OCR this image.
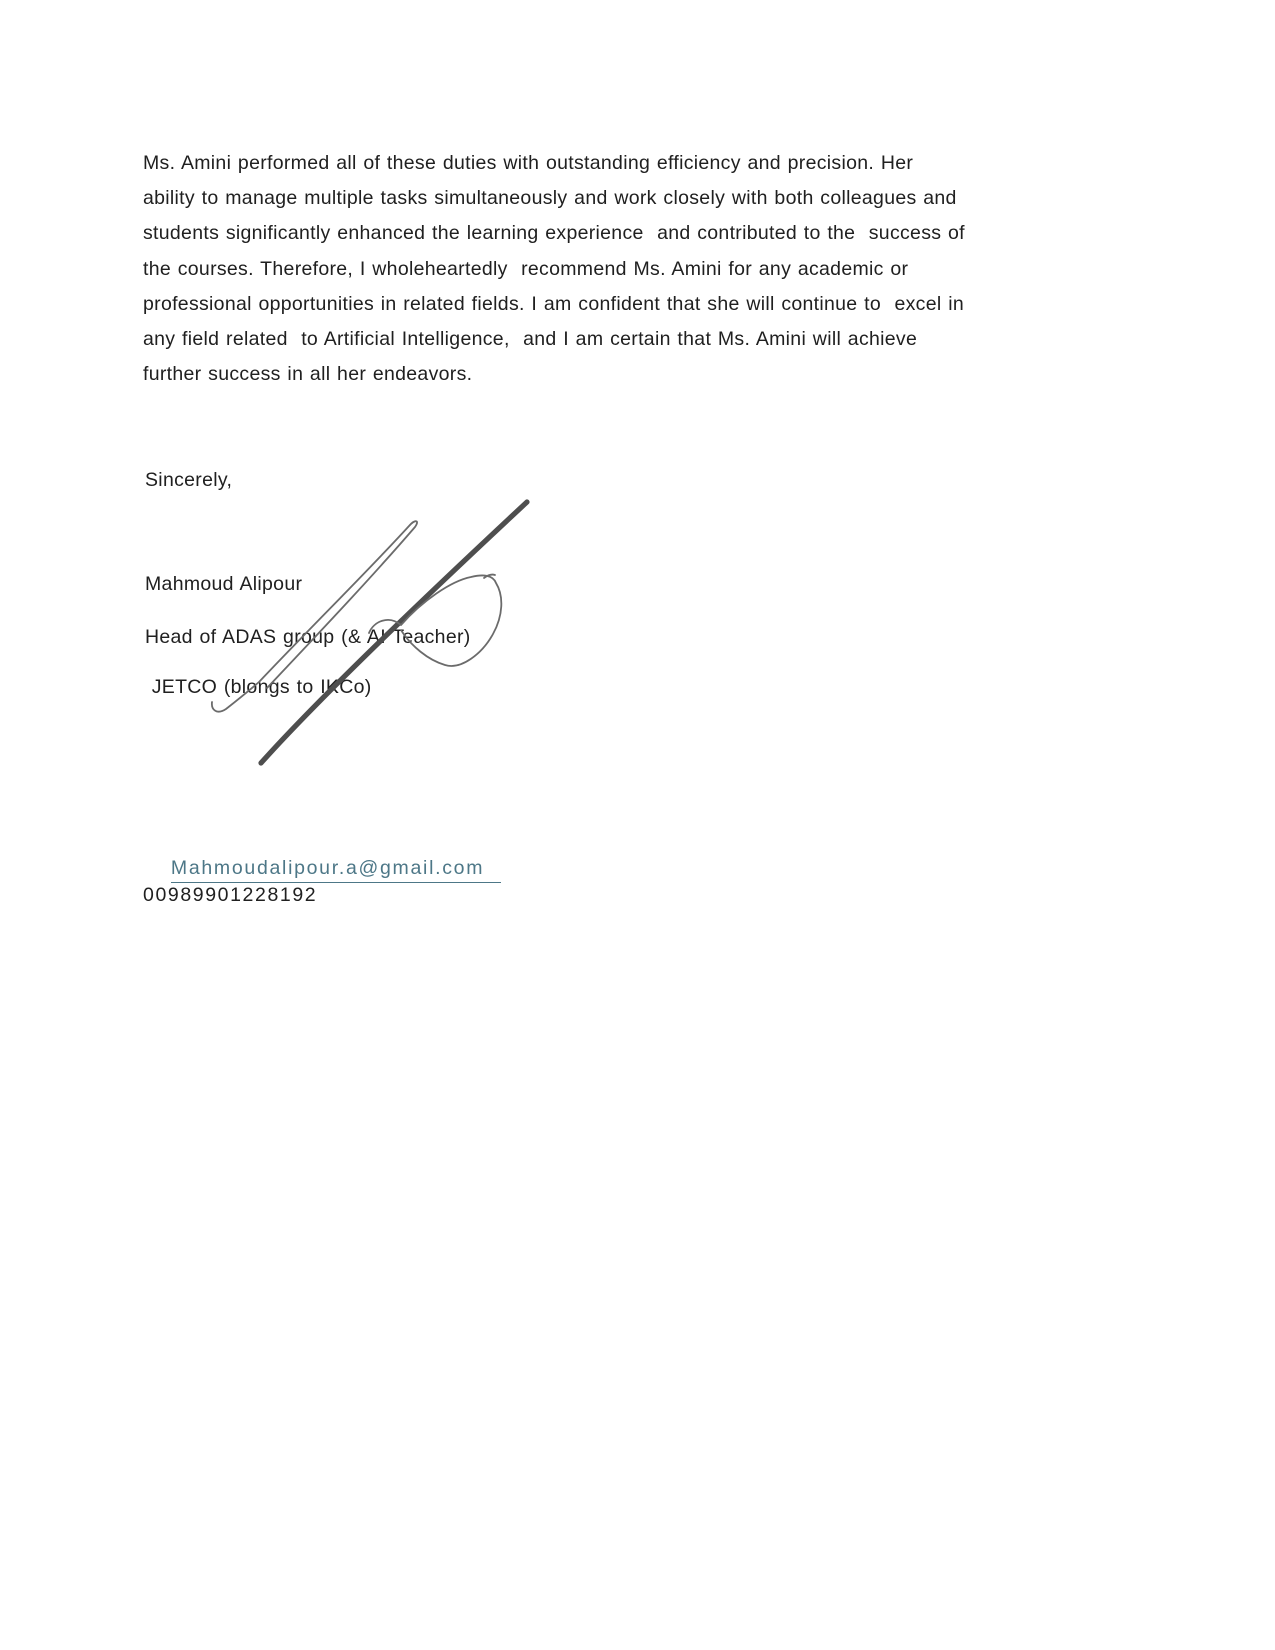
Ms. Amini performed all of these duties with outstanding efficiency and precision. Her
ability to manage multiple tasks simultaneously and work closely with both colleagues and
students significantly enhanced the learning experience  and contributed to the  success of
the courses. Therefore, I wholeheartedly  recommend Ms. Amini for any academic or
professional opportunities in related fields. I am confident that she will continue to  excel in
any field related  to Artificial Intelligence,  and I am certain that Ms. Amini will achieve
further success in all her endeavors.
Sincerely,
Mahmoud Alipour
Head of ADAS group (& AI Teacher)
JETCO (blongs to IKCo)

Mahmoudalipour.a@gmail.com

00989901228192
